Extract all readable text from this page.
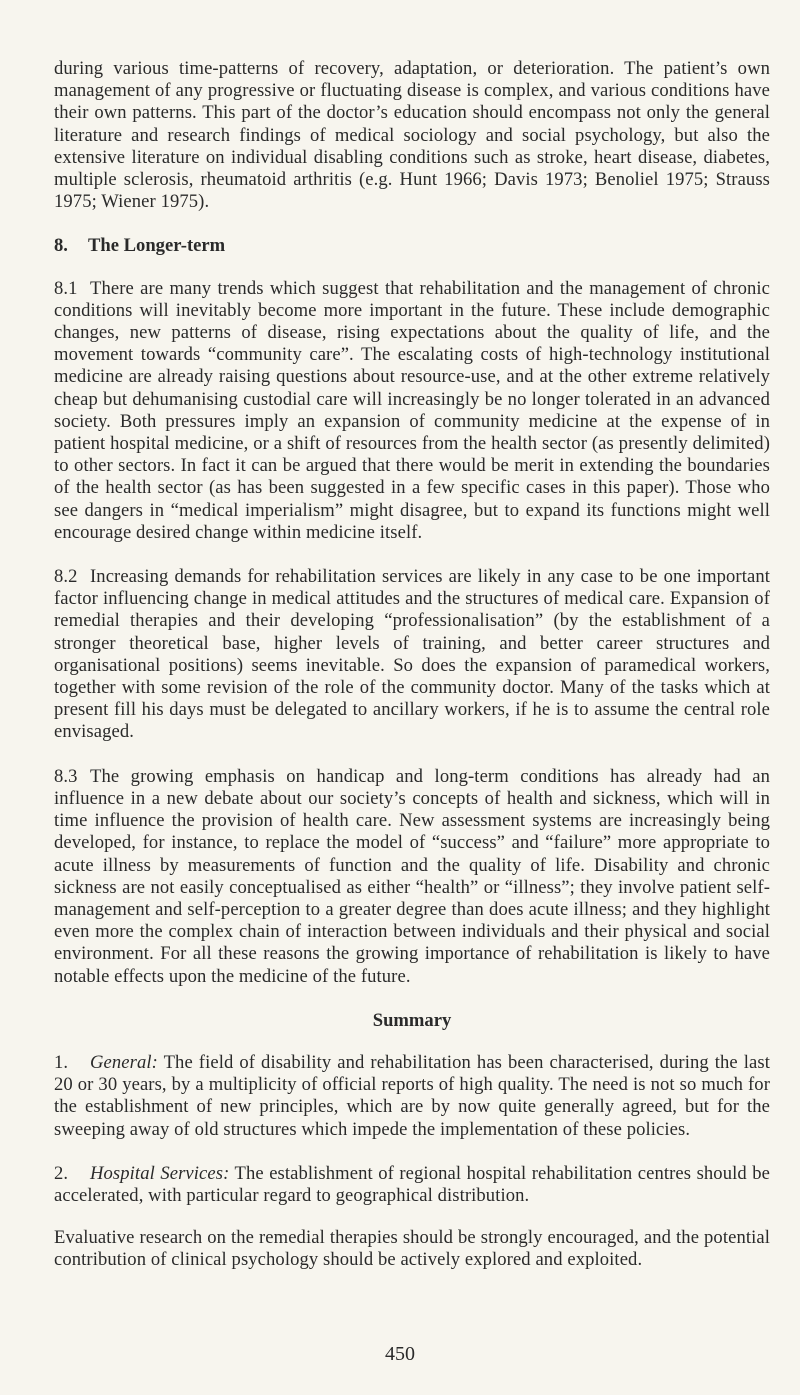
during various time-patterns of recovery, adaptation, or deterioration. The patient’s own management of any progressive or fluctuating disease is complex, and various conditions have their own patterns. This part of the doctor’s education should encompass not only the general literature and research findings of medical sociology and social psychology, but also the extensive literature on individual disabling conditions such as stroke, heart disease, diabetes, multiple sclerosis, rheumatoid arthritis (e.g. Hunt 1966; Davis 1973; Benoliel 1975; Strauss 1975; Wiener 1975).

8. The Longer-term

8.1 There are many trends which suggest that rehabilitation and the management of chronic conditions will inevitably become more important in the future. These include demographic changes, new patterns of disease, rising expectations about the quality of life, and the movement towards “community care”. The escalating costs of high-technology institutional medicine are already raising questions about resource-use, and at the other extreme relatively cheap but dehumanising custodial care will increasingly be no longer tolerated in an advanced society. Both pressures imply an expansion of community medicine at the expense of in patient hospital medicine, or a shift of resources from the health sector (as presently delimited) to other sectors. In fact it can be argued that there would be merit in extending the boundaries of the health sector (as has been suggested in a few specific cases in this paper). Those who see dangers in “medical imperialism” might disagree, but to expand its functions might well encourage desired change within medicine itself.

8.2 Increasing demands for rehabilitation services are likely in any case to be one important factor influencing change in medical attitudes and the structures of medical care. Expansion of remedial therapies and their developing “professionalisation” (by the establishment of a stronger theoretical base, higher levels of training, and better career structures and organisational positions) seems inevitable. So does the expansion of paramedical workers, together with some revision of the role of the community doctor. Many of the tasks which at present fill his days must be delegated to ancillary workers, if he is to assume the central role envisaged.

8.3 The growing emphasis on handicap and long-term conditions has already had an influence in a new debate about our society’s concepts of health and sickness, which will in time influence the provision of health care. New assessment systems are increasingly being developed, for instance, to replace the model of “success” and “failure” more appropriate to acute illness by measurements of function and the quality of life. Disability and chronic sickness are not easily conceptualised as either “health” or “illness”; they involve patient self-management and self-perception to a greater degree than does acute illness; and they highlight even more the complex chain of interaction between individuals and their physical and social environment. For all these reasons the growing importance of rehabilitation is likely to have notable effects upon the medicine of the future.

Summary

1. General: The field of disability and rehabilitation has been characterised, during the last 20 or 30 years, by a multiplicity of official reports of high quality. The need is not so much for the establishment of new principles, which are by now quite generally agreed, but for the sweeping away of old structures which impede the implementation of these policies.

2. Hospital Services: The establishment of regional hospital rehabilitation centres should be accelerated, with particular regard to geographical distribution.

Evaluative research on the remedial therapies should be strongly encouraged, and the potential contribution of clinical psychology should be actively explored and exploited.

450
